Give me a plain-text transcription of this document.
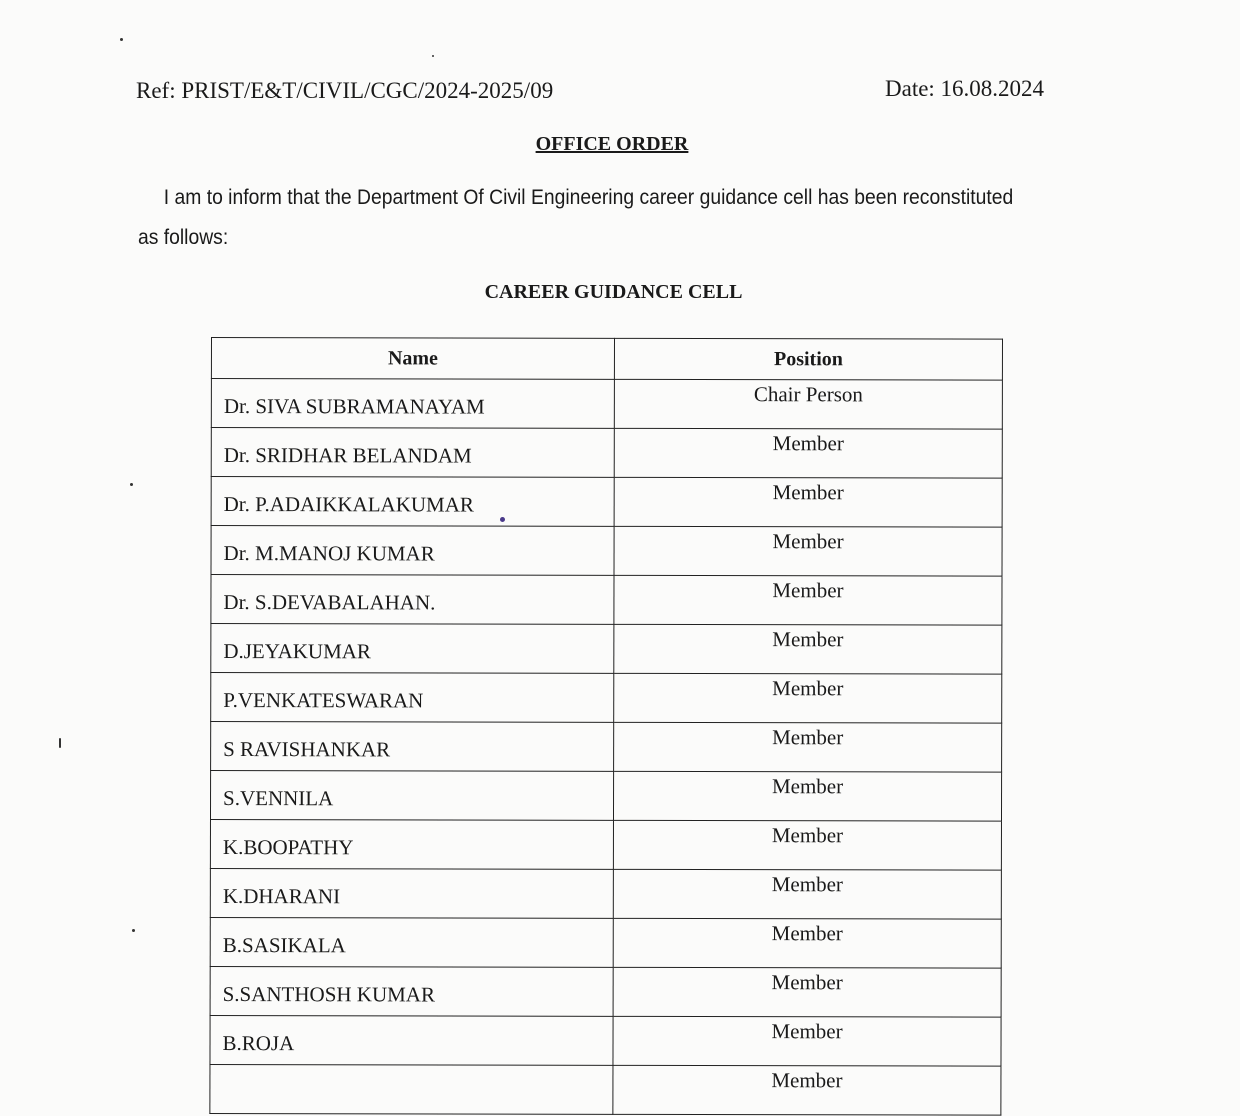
Ref: PRIST/E&T/CIVIL/CGC/2024-2025/09	Date: 16.08.2024
OFFICE ORDER
I am to inform that the Department Of Civil Engineering career guidance cell has been reconstituted
as follows:
CAREER GUIDANCE CELL
Name	Position
Dr. SIVA SUBRAMANAYAM	Chair Person
Dr. SRIDHAR BELANDAM	Member
Dr. P.ADAIKKALAKUMAR	Member
Dr. M.MANOJ KUMAR	Member
Dr. S.DEVABALAHAN.	Member
D.JEYAKUMAR	Member
P.VENKATESWARAN	Member
S RAVISHANKAR	Member
S.VENNILA	Member
K.BOOPATHY	Member
K.DHARANI	Member
B.SASIKALA	Member
S.SANTHOSH KUMAR	Member
B.ROJA	Member
	Member
